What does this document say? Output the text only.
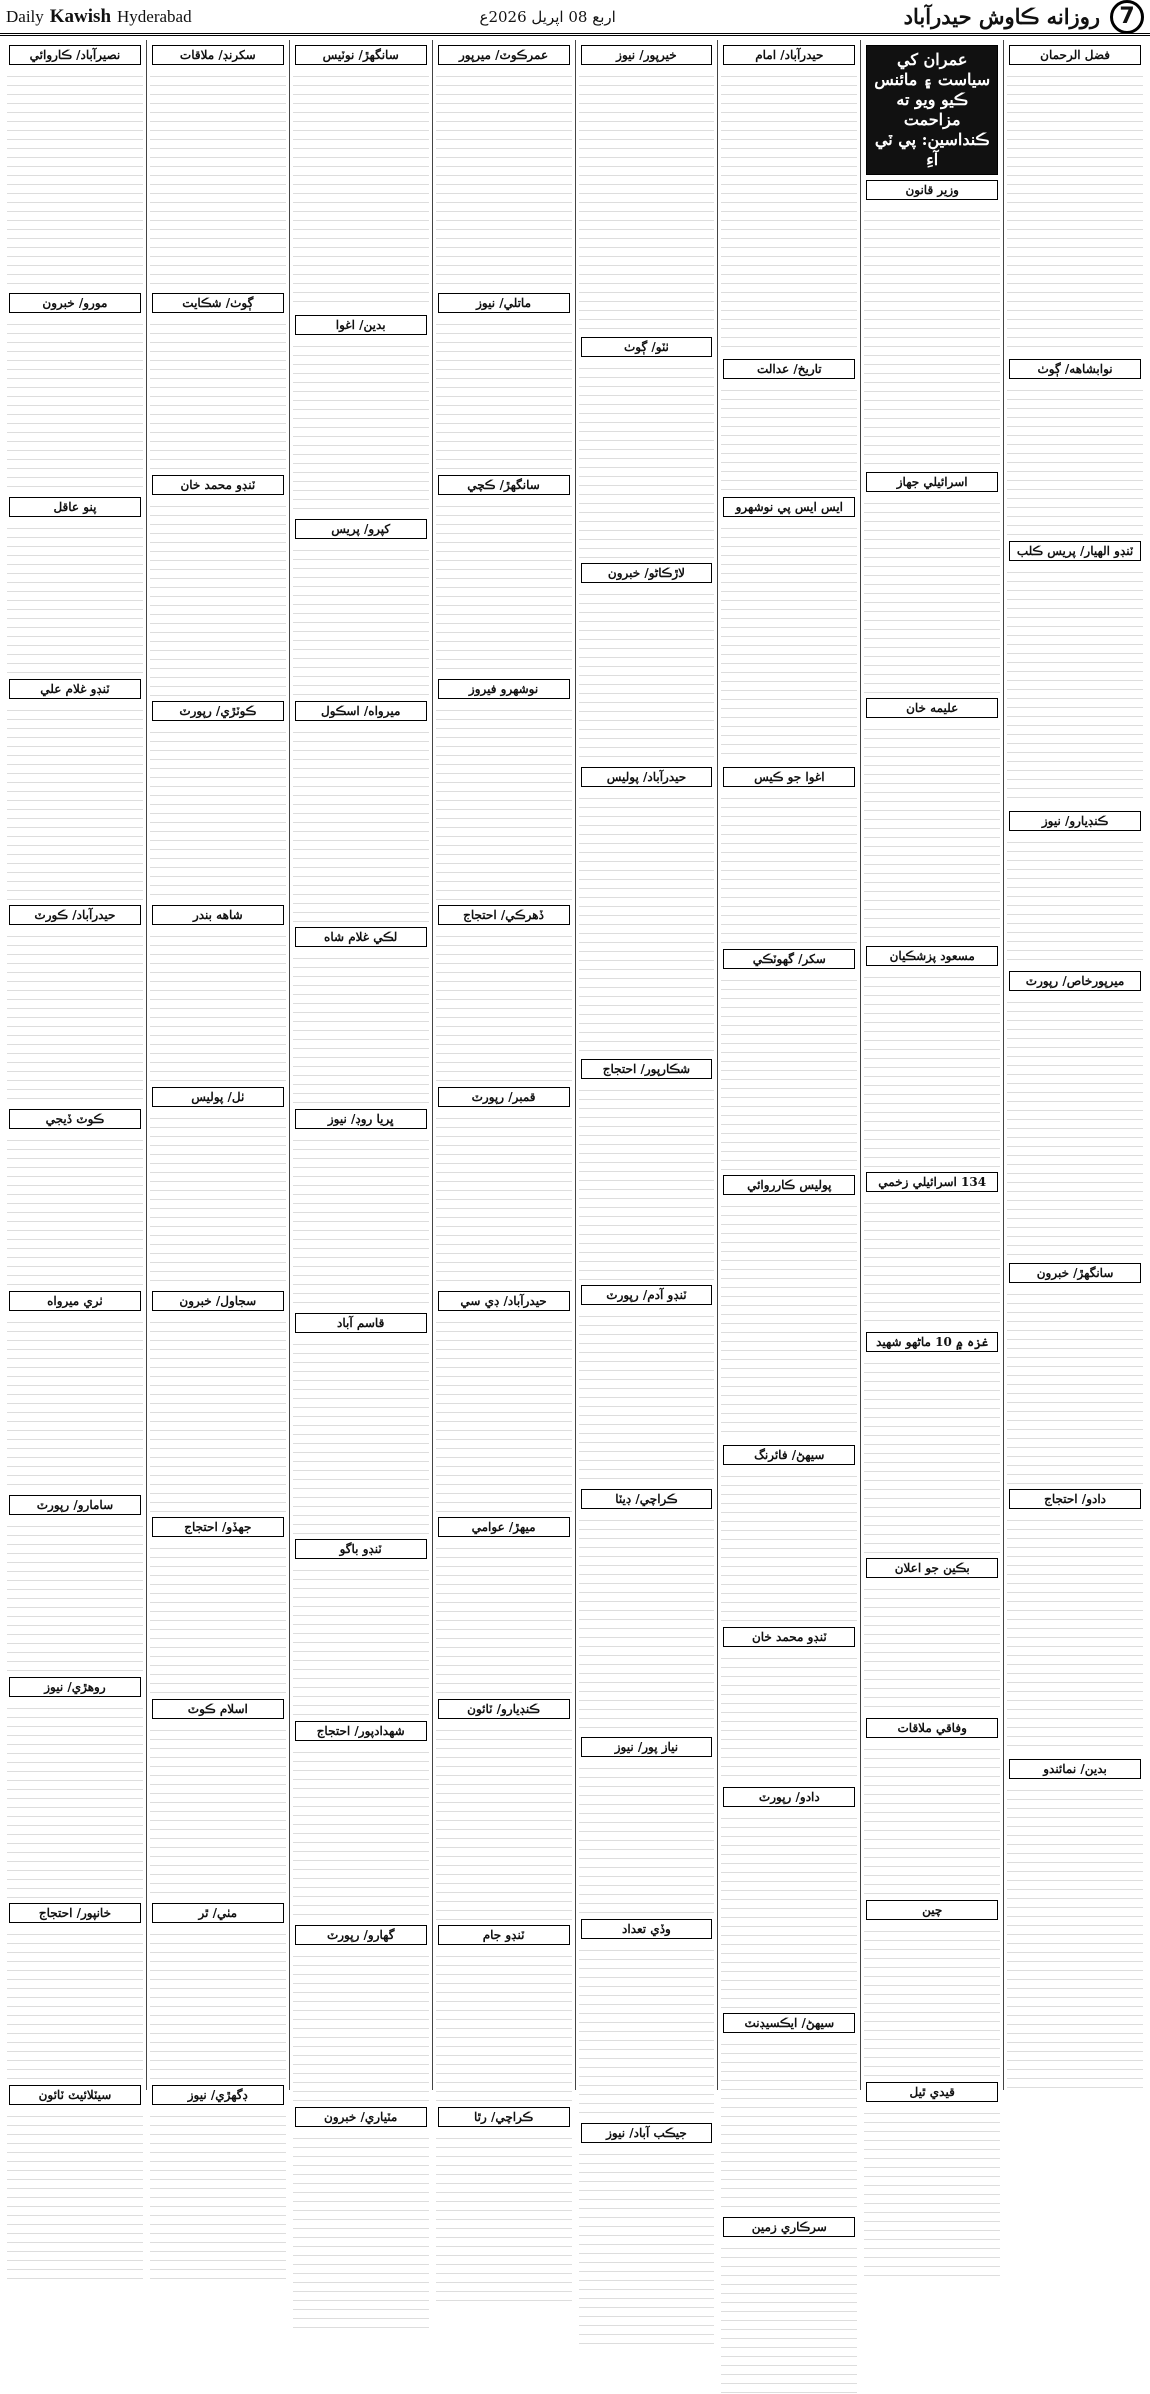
Daily Kawish Hyderabad	اربع 08 اپريل 2026ع	7
روزانه ڪاوش حيدرآباد
فضل الرحمان
نوابشاهه/ ڳوٺ
ٽنڊو الهيار/ پريس ڪلب
ڪنڊيارو/ نيوز
ميرپورخاص/ رپورٽ
سانگهڙ/ خبرون
دادو/ احتجاج
بدين/ نمائندو
عمران کي سياست ۽ مائنس ڪيو ويو ته مزاحمت ڪنداسين: پي ٽي آءِ
وزير قانون
اسرائيلي جهاز
عليمه خان
مسعود پزشڪيان
134 اسرائيلي زخمي
غزه ۾ 10 ماڻهو شهيد
بڪين جو اعلان
وفاقي ملاقات
چين
قيدي ٿيل
حيدرآباد/ امام
تاريخ/ عدالت
ايس ايس پي نوشهرو
اغوا جو ڪيس
سکر/ گهوٽڪي
پوليس ڪارروائي
سيهڻ/ فائرنگ
ٽنڊو محمد خان
دادو/ رپورٽ
سيهڻ/ ايڪسيڊنٽ
سرڪاري زمين
خيرپور/ نيوز
ٺٽو/ ڳوٺ
لاڙڪاڻو/ خبرون
حيدرآباد/ پوليس
شڪارپور/ احتجاج
ٽنڊو آدم/ رپورٽ
ڪراچي/ ڊيٽا
نياز پور/ نيوز
وڏي تعداد
جيڪب آباد/ نيوز
عمرڪوٽ/ ميرپور
ماتلي/ نيوز
سانگهڙ/ ڪچي
نوشهرو فيروز
ڏهرڪي/ احتجاج
قمبر/ رپورٽ
حيدرآباد/ ڊي سي
ميهڙ/ عوامي
ڪنڊيارو/ ٽائون
ٽنڊو جام
ڪراچي/ رٿا
سانگهڙ/ نوٽيس
بدين/ اغوا
کپرو/ پريس
ميرواه/ اسڪول
لڪي غلام شاه
ڀريا روڊ/ نيوز
قاسم آباد
ٽنڊو باگو
شهدادپور/ احتجاج
گهارو/ رپورٽ
مٽياري/ خبرون
سکرنڊ/ ملاقات
ڳوٺ/ شڪايت
ٽنڊو محمد خان
ڪوٽڙي/ رپورٽ
شاهه بندر
ٺل/ پوليس
سجاول/ خبرون
جهڏو/ احتجاج
اسلام ڪوٽ
مٺي/ ٿر
ڊگهڙي/ نيوز
نصيرآباد/ ڪاروائي
مورو/ خبرون
پنو عاقل
ٽنڊو غلام علي
حيدرآباد/ ڪورٽ
ڪوٽ ڏيجي
ٺري ميرواه
سامارو/ رپورٽ
روهڙي/ نيوز
خانپور/ احتجاج
سيٽلائيٽ ٽائون
